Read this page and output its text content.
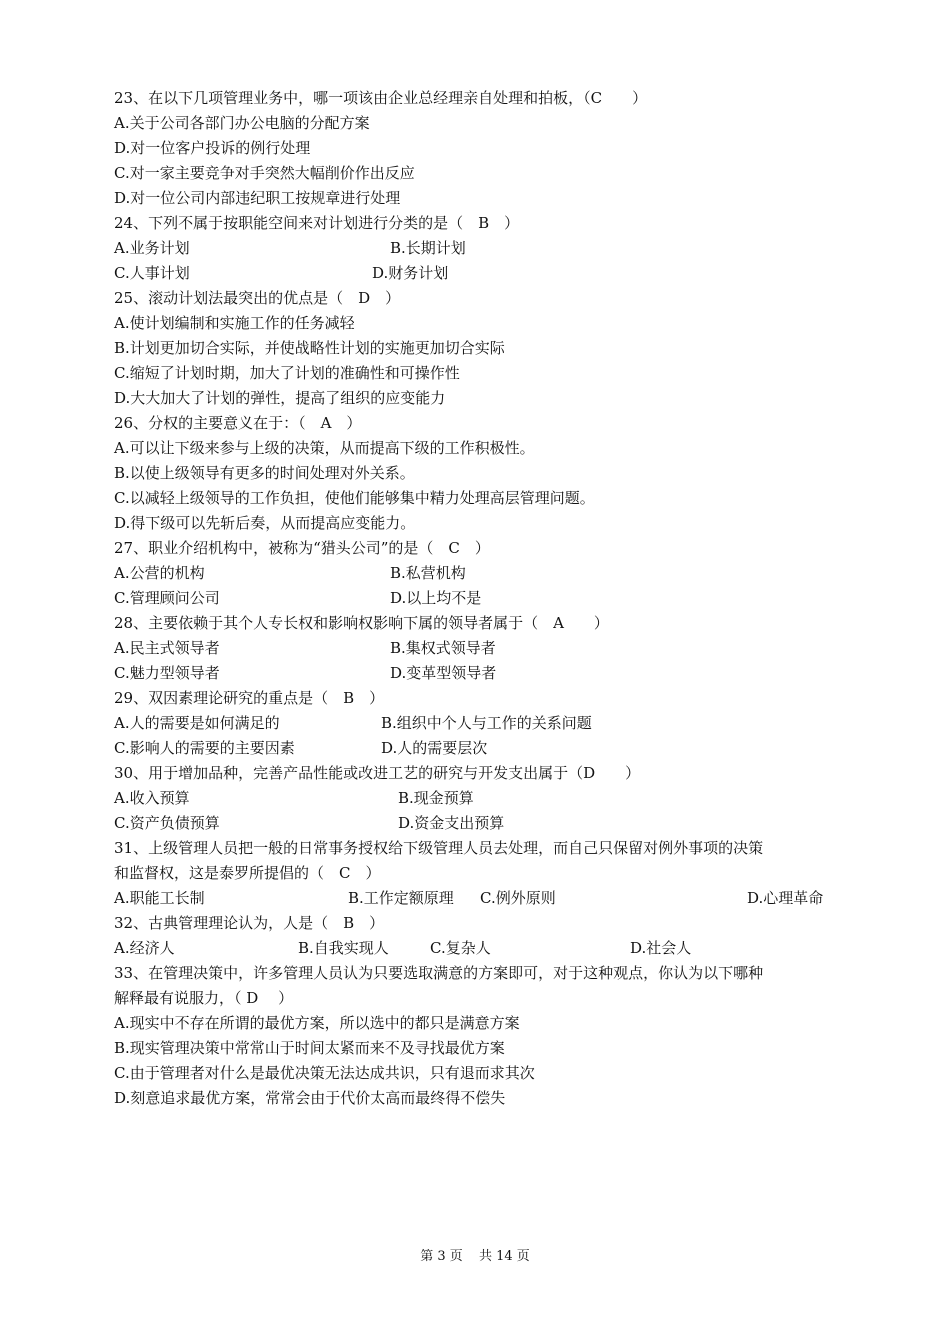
23、在以下几项管理业务中，哪一项该由企业总经理亲自处理和拍板，（C　　）
A.关于公司各部门办公电脑的分配方案
D.对一位客户投诉的例行处理
C.对一家主要竞争对手突然大幅削价作出反应
D.对一位公司内部违纪职工按规章进行处理
24、下列不属于按职能空间来对计划进行分类的是（　B　）
A.业务计划	B.长期计划
C.人事计划	D.财务计划
25、滚动计划法最突出的优点是（　D　）
A.使计划编制和实施工作的任务减轻
B.计划更加切合实际，并使战略性计划的实施更加切合实际
C.缩短了计划时期，加大了计划的准确性和可操作性
D.大大加大了计划的弹性，提高了组织的应变能力
26、分权的主要意义在于：（　A　）
A.可以让下级来参与上级的决策，从而提高下级的工作积极性。
B.以使上级领导有更多的时间处理对外关系。
C.以减轻上级领导的工作负担，使他们能够集中精力处理高层管理问题。
D.得下级可以先斩后奏，从而提高应变能力。
27、职业介绍机构中，被称为“猎头公司”的是（　C　）
A.公营的机构	B.私营机构
C.管理顾问公司	D.以上均不是
28、主要依赖于其个人专长权和影响权影响下属的领导者属于（　A　　）
A.民主式领导者	B.集权式领导者
C.魅力型领导者	D.变革型领导者
29、双因素理论研究的重点是（　B　）
A.人的需要是如何满足的	B.组织中个人与工作的关系问题
C.影响人的需要的主要因素	D.人的需要层次
30、用于增加品种，完善产品性能或改进工艺的研究与开发支出属于（D　　）
A.收入预算	B.现金预算
C.资产负债预算	D.资金支出预算
31、上级管理人员把一般的日常事务授权给下级管理人员去处理，而自己只保留对例外事项的决策
和监督权，这是泰罗所提倡的（　C　）
A.职能工长制	B.工作定额原理 C.例外原则	D.心理革命
32、古典管理理论认为，人是（　B　）
A.经济人	B.自我实现人	C.复杂人	D.社会人
33、在管理决策中，许多管理人员认为只要选取满意的方案即可，对于这种观点，你认为以下哪种
解释最有说服力，（ D　 ）
A.现实中不存在所谓的最优方案，所以选中的都只是满意方案
B.现实管理决策中常常山于时间太紧而来不及寻找最优方案
C.由于管理者对什么是最优决策无法达成共识，只有退而求其次
D.刻意追求最优方案，常常会由于代价太高而最终得不偿失
第 3 页 共 14 页
